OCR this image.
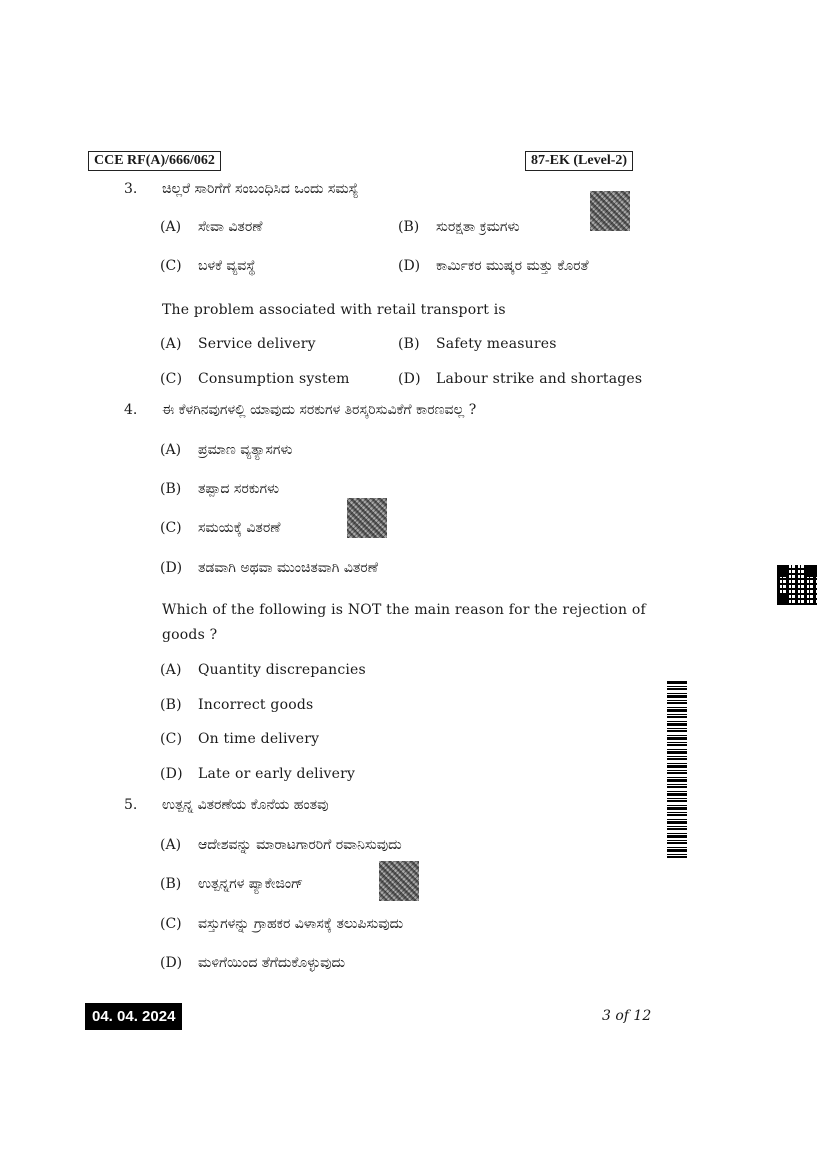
CCE RF(A)/666/062	87-EK (Level-2)
3. ಚಿಲ್ಲರೆ ಸಾರಿಗೆಗೆ ಸಂಬಂಧಿಸಿದ ಒಂದು ಸಮಸ್ಯೆ
(A) ಸೇವಾ ವಿತರಣೆ	(B) ಸುರಕ್ಷತಾ ಕ್ರಮಗಳು
(C) ಬಳಕೆ ವ್ಯವಸ್ಥೆ	(D) ಕಾರ್ಮಿಕರ ಮುಷ್ಕರ ಮತ್ತು ಕೊರತೆ
The problem associated with retail transport is
(A) Service delivery	(B) Safety measures
(C) Consumption system	(D) Labour strike and shortages
4. ಈ ಕೆಳಗಿನವುಗಳಲ್ಲಿ ಯಾವುದು ಸರಕುಗಳ ತಿರಸ್ಕರಿಸುವಿಕೆಗೆ ಕಾರಣವಲ್ಲ ?
(A) ಪ್ರಮಾಣ ವ್ಯತ್ಯಾಸಗಳು
(B) ತಪ್ಪಾದ ಸರಕುಗಳು
(C) ಸಮಯಕ್ಕೆ ವಿತರಣೆ
(D) ತಡವಾಗಿ ಅಥವಾ ಮುಂಚಿತವಾಗಿ ವಿತರಣೆ
Which of the following is NOT the main reason for the rejection of
goods ?
(A) Quantity discrepancies
(B) Incorrect goods
(C) On time delivery
(D) Late or early delivery
5. ಉತ್ಪನ್ನ ವಿತರಣೆಯ ಕೊನೆಯ ಹಂತವು
(A) ಆದೇಶವನ್ನು ಮಾರಾಟಗಾರರಿಗೆ ರವಾನಿಸುವುದು
(B) ಉತ್ಪನ್ನಗಳ ಪ್ಯಾಕೇಜಿಂಗ್
(C) ವಸ್ತುಗಳನ್ನು ಗ್ರಾಹಕರ ವಿಳಾಸಕ್ಕೆ ತಲುಪಿಸುವುದು
(D) ಮಳಿಗೆಯಿಂದ ತೆಗೆದುಕೊಳ್ಳುವುದು
04. 04. 2024	3 of 12
